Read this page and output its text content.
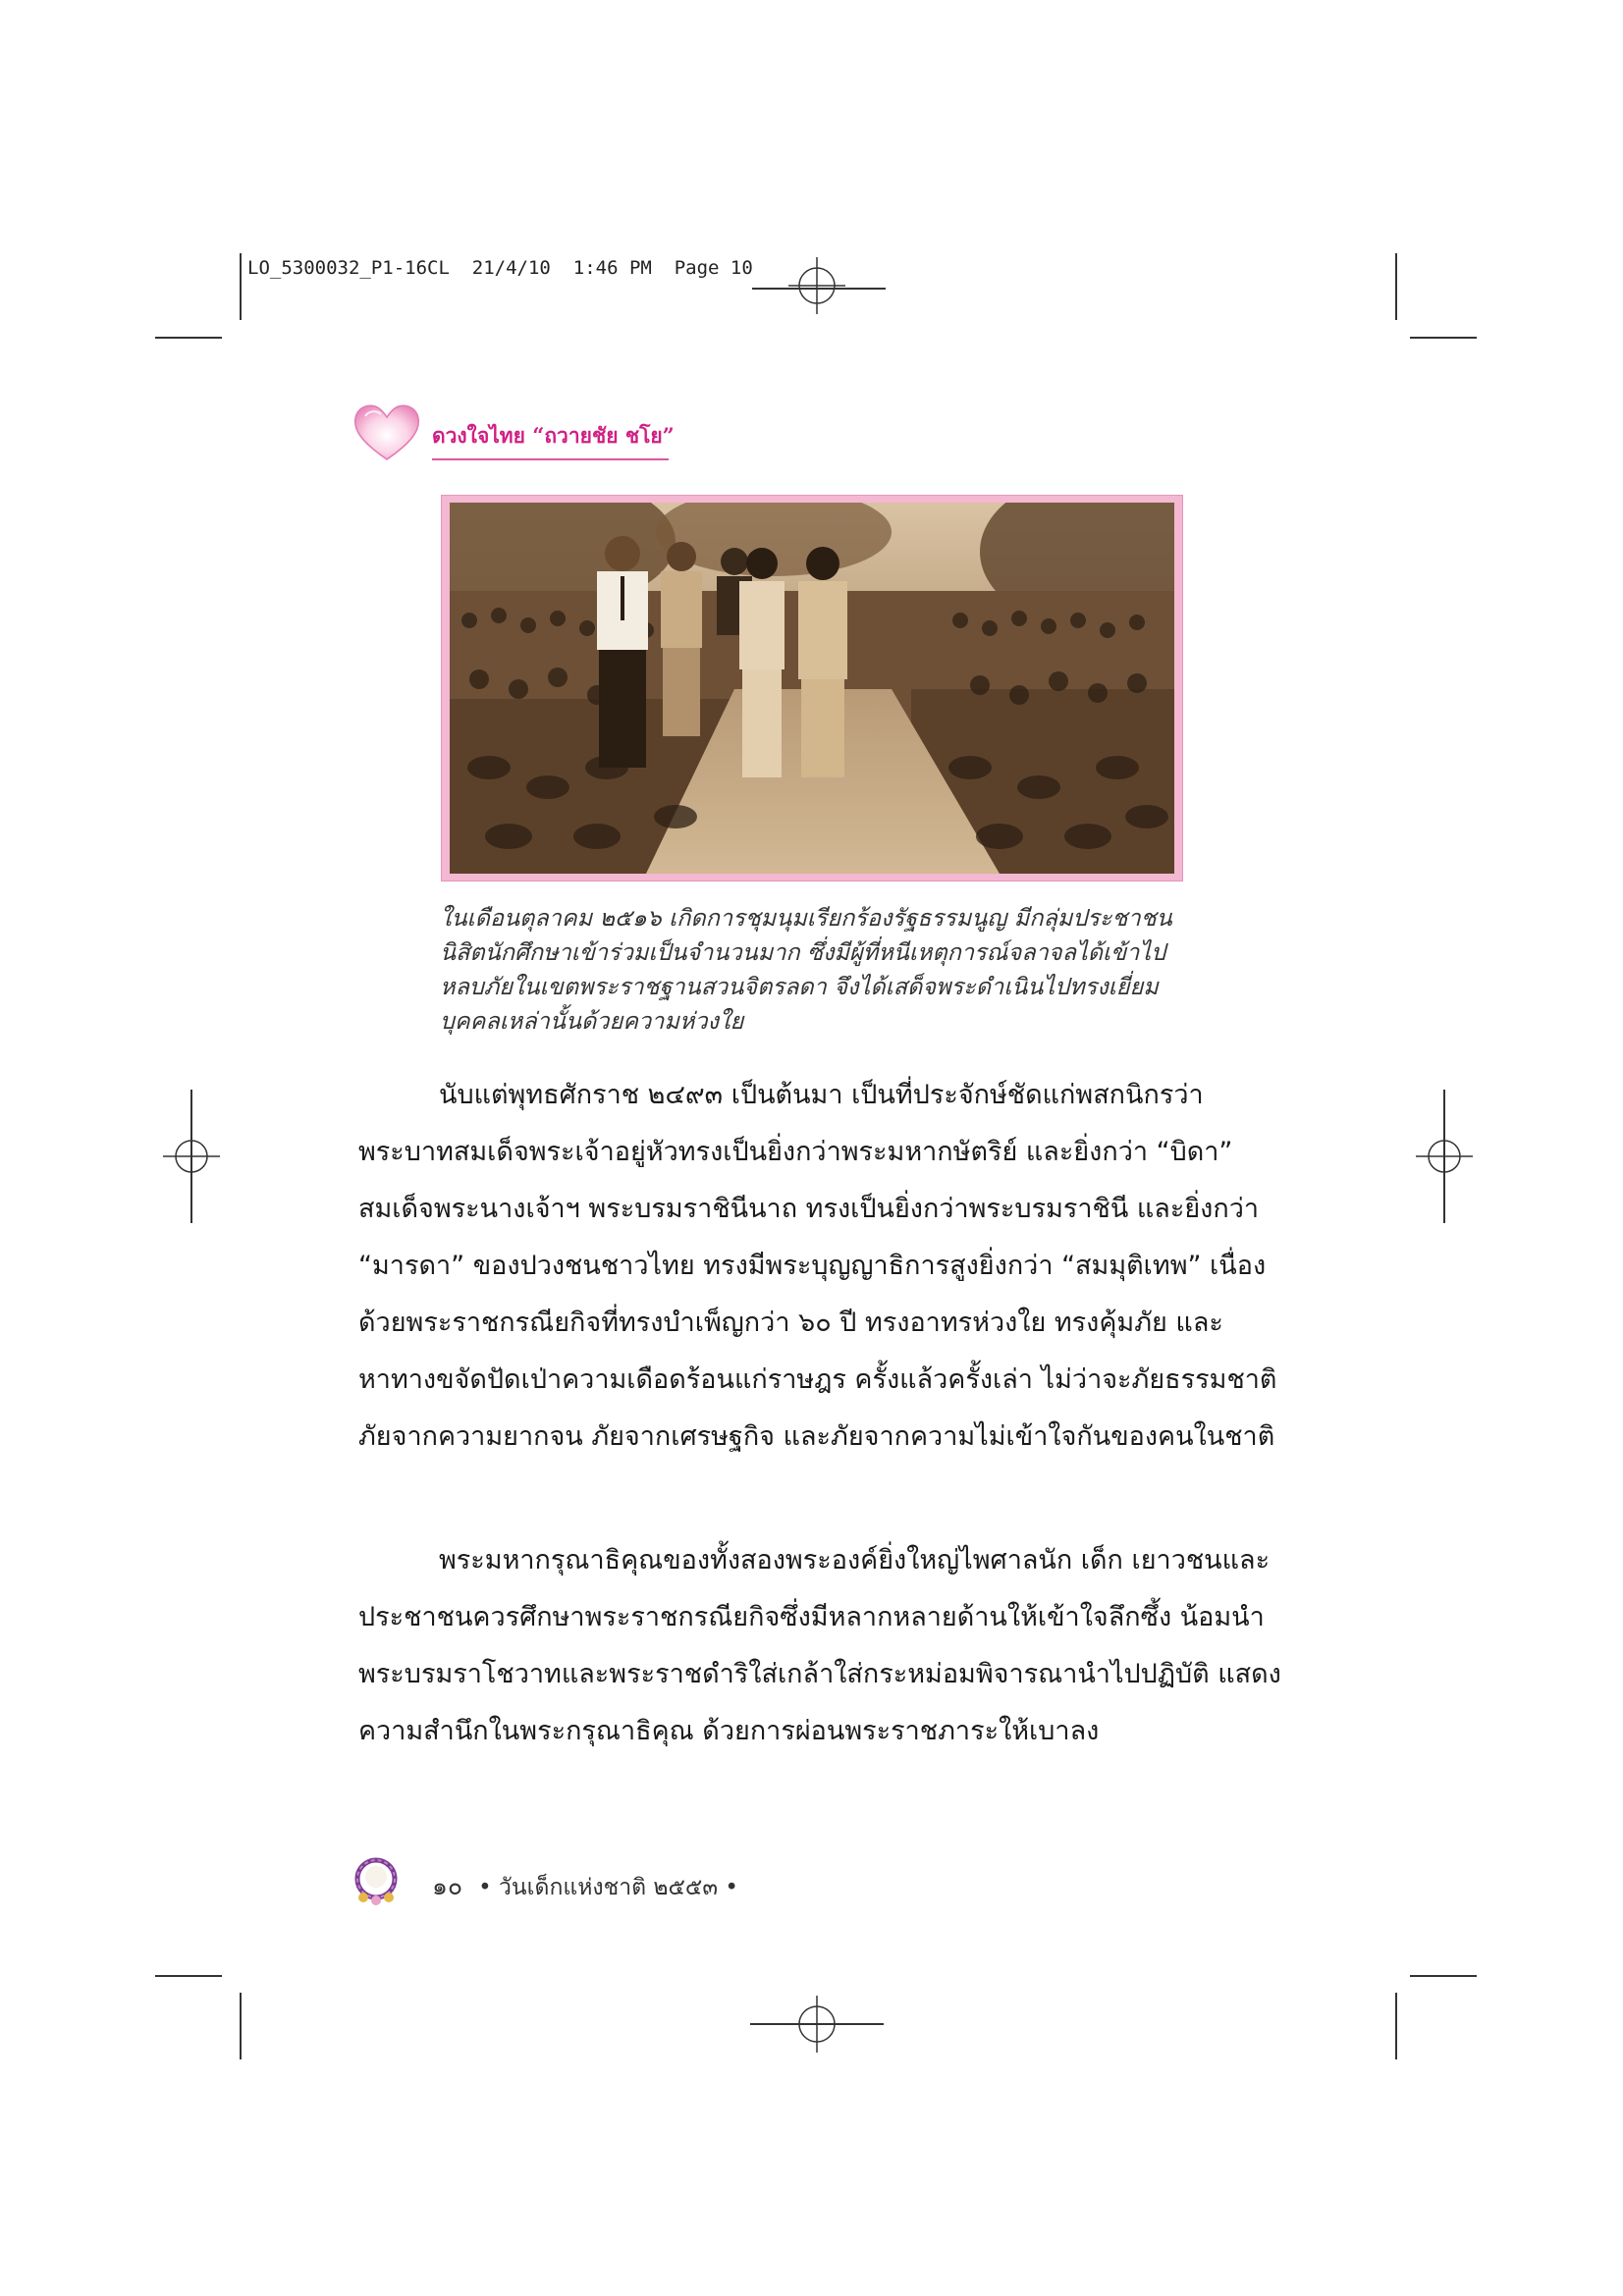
LO_5300032_P1-16CL 21/4/10 1:46 PM Page 10
ดวงใจไทย “ถวายชัย ชโย”

ในเดือนตุลาคม ๒๕๑๖ เกิดการชุมนุมเรียกร้องรัฐธรรมนูญ มีกลุ่มประชาชน

นิสิตนักศึกษาเข้าร่วมเป็นจำนวนมาก ซึ่งมีผู้ที่หนีเหตุการณ์จลาจลได้เข้าไป

หลบภัยในเขตพระราชฐานสวนจิตรลดา จึงได้เสด็จพระดำเนินไปทรงเยี่ยม

บุคคลเหล่านั้นด้วยความห่วงใย

นับแต่พุทธศักราช ๒๔๙๓ เป็นต้นมา เป็นที่ประจักษ์ชัดแก่พสกนิกรว่า

พระบาทสมเด็จพระเจ้าอยู่หัวทรงเป็นยิ่งกว่าพระมหากษัตริย์ และยิ่งกว่า “บิดา”

สมเด็จพระนางเจ้าฯ พระบรมราชินีนาถ ทรงเป็นยิ่งกว่าพระบรมราชินี และยิ่งกว่า

“มารดา” ของปวงชนชาวไทย ทรงมีพระบุญญาธิการสูงยิ่งกว่า “สมมุติเทพ” เนื่อง

ด้วยพระราชกรณียกิจที่ทรงบำเพ็ญกว่า ๖๐ ปี ทรงอาทรห่วงใย ทรงคุ้มภัย และ

หาทางขจัดปัดเป่าความเดือดร้อนแก่ราษฎร ครั้งแล้วครั้งเล่า ไม่ว่าจะภัยธรรมชาติ

ภัยจากความยากจน ภัยจากเศรษฐกิจ และภัยจากความไม่เข้าใจกันของคนในชาติ

พระมหากรุณาธิคุณของทั้งสองพระองค์ยิ่งใหญ่ไพศาลนัก เด็ก เยาวชนและ

ประชาชนควรศึกษาพระราชกรณียกิจซึ่งมีหลากหลายด้านให้เข้าใจลึกซึ้ง น้อมนำ

พระบรมราโชวาทและพระราชดำริใส่เกล้าใส่กระหม่อมพิจารณานำไปปฏิบัติ แสดง

ความสำนึกในพระกรุณาธิคุณ ด้วยการผ่อนพระราชภาระให้เบาลง

๑๐ • วันเด็กแห่งชาติ ๒๕๕๓ •
